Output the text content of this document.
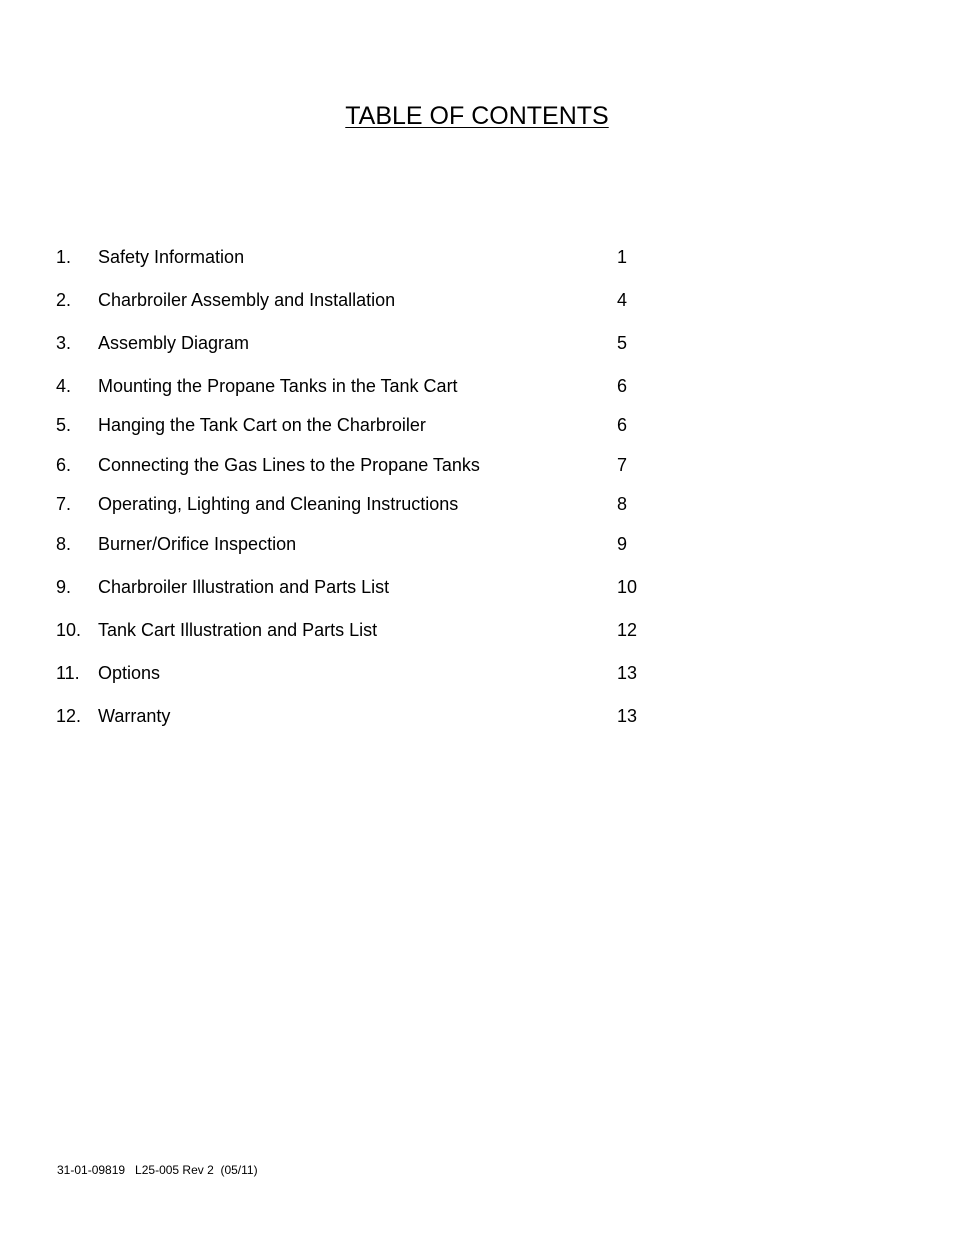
TABLE OF CONTENTS
1.	Safety Information	1
2.	Charbroiler Assembly and Installation	4
3.	Assembly Diagram	5
4.	Mounting the Propane Tanks in the Tank Cart	6
5.	Hanging the Tank Cart on the Charbroiler	6
6.	Connecting the Gas Lines to the Propane Tanks	7
7.	Operating, Lighting and Cleaning Instructions	8
8.	Burner/Orifice Inspection	9
9.	Charbroiler Illustration and Parts List	10
10. Tank Cart Illustration and Parts List	12
11.	Options	13
12. Warranty	13
31-01-09819   L25-005 Rev 2  (05/11)
